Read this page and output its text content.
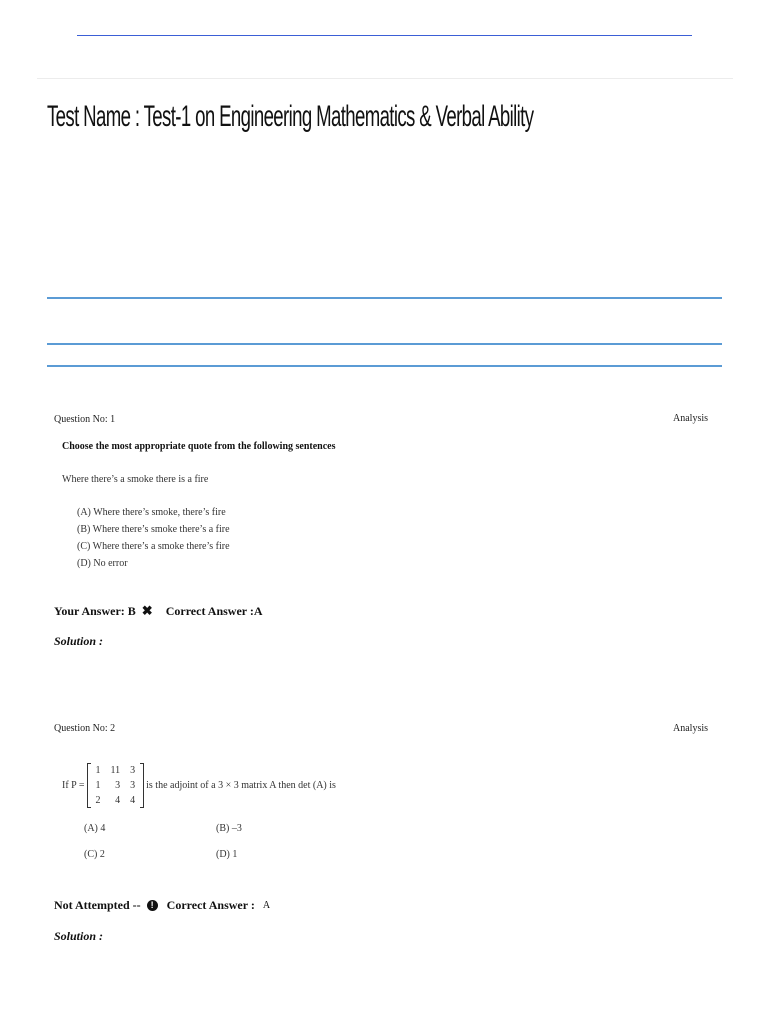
Test Name : Test-1 on Engineering Mathematics & Verbal Ability
Question No: 1	Analysis
Choose the most appropriate quote from the following sentences
Where there’s a smoke there is a fire
(A) Where there’s smoke, there’s fire
(B) Where there’s smoke there’s a fire
(C) Where there’s a smoke there’s fire
(D) No error
Your Answer: B ✖ Correct Answer :A
Solution :
Question No: 2	Analysis
If P =
1	11	3
1	3	3
2	4	4
is the adjoint of a 3 × 3 matrix A then det (A) is
(A) 4	(B) –3
(C) 2	(D) 1
Not Attempted --	!	Correct Answer : A
Solution :
